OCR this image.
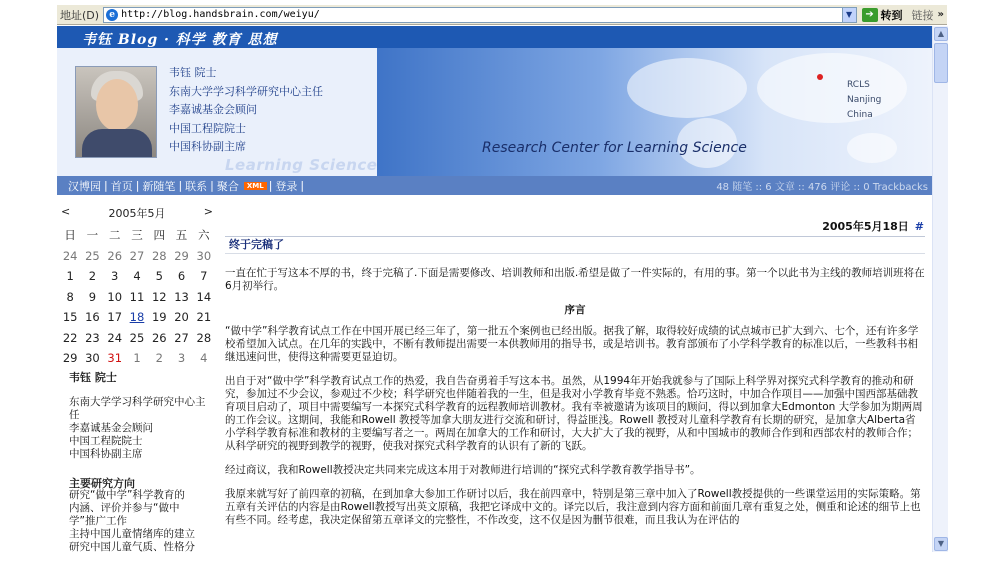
地址(D)	e http://blog.handsbrain.com/weiyu/	▼	➔ 转到 链接 »
韦钰 Blog · 科学 教育 思想
韦钰 院士
东南大学学习科学研究中心主任
李嘉诚基金会顾问
中国工程院院士
中国科协副主席
RCLS
Nanjing
China
Learning Science
Research Center for Learning Science
汉博园 | 首页 | 新随笔 | 联系 | 聚合	XML | 登录 |	48 随笔 :: 6 文章 :: 476 评论 :: 0 Trackbacks
<	2005年5月	>
日 一 二 三 四 五 六
24 25 26 27 28 29 30
1	2	3	4	5	6	7
8	9 10 11 12 13 14
15 16 17 18 19 20 21
22 23 24 25 26 27 28
29 30 31 1	2	3	4
韦钰 院士
东南大学学习科学研究中心主任
李嘉诚基金会顾问
中国工程院院士
中国科协副主席
主要研究方向
研究“做中学”科学教育的
内涵、评价并参与“做中
学”推广工作
主持中国儿童情绪库的建立
研究中国儿童气质、性格分
2005年5月18日 #
终于完稿了

一直在忙于写这本不厚的书，终于完稿了.下面是需要修改、培训教师和出版.希望是做了一件实际的，有用的事。第一个以此书为主线的教师培训班将在6月初举行。

序言

“做中学”科学教育试点工作在中国开展已经三年了，第一批五个案例也已经出版。据我了解，取得较好成绩的试点城市已扩大到六、七个，还有许多学校希望加入试点。在几年的实践中，不断有教师提出需要一本供教师用的指导书，或是培训书。教育部颁布了小学科学教育的标准以后，一些教科书相继迅速问世，使得这种需要更显迫切。

出自于对“做中学”科学教育试点工作的热爱，我自告奋勇着手写这本书。虽然，从1994年开始我就参与了国际上科学界对探究式科学教育的推动和研究，参加过不少会议，参观过不少校；科学研究也伴随着我的一生，但是我对小学教育毕竟不熟悉。恰巧这时，中加合作项目——加强中国西部基础教育项目启动了，项目中需要编写一本探究式科学教育的远程教师培训教材。我有幸被邀请为该项目的顾问，得以到加拿大Edmonton 大学参加为期两周的工作会议。这期间，我能和Rowell 教授等加拿大朋友进行交流和研讨，得益匪浅。Rowell 教授对儿童科学教育有长期的研究，是加拿大Alberta省小学科学教育标准和教材的主要编写者之一。两周在加拿大的工作和研讨，大大扩大了我的视野，从和中国城市的教师合作到和西部农村的教师合作；从科学研究的视野到教学的视野，使我对探究式科学教育的认识有了新的飞跃。

经过商议，我和Rowell教授决定共同来完成这本用于对教师进行培训的“探究式科学教育教学指导书”。

我原来就写好了前四章的初稿，在到加拿大参加工作研讨以后，我在前四章中，特别是第三章中加入了Rowell教授提供的一些课堂运用的实际策略。第五章有关评估的内容是由Rowell教授写出英文原稿，我把它译成中文的。译完以后，我注意到内容方面和前面几章有重复之处，侧重和论述的细节上也有些不同。经考虑，我决定保留第五章译文的完整性，不作改变，这不仅是因为删节很难，而且我认为在评估的

▲
▼
